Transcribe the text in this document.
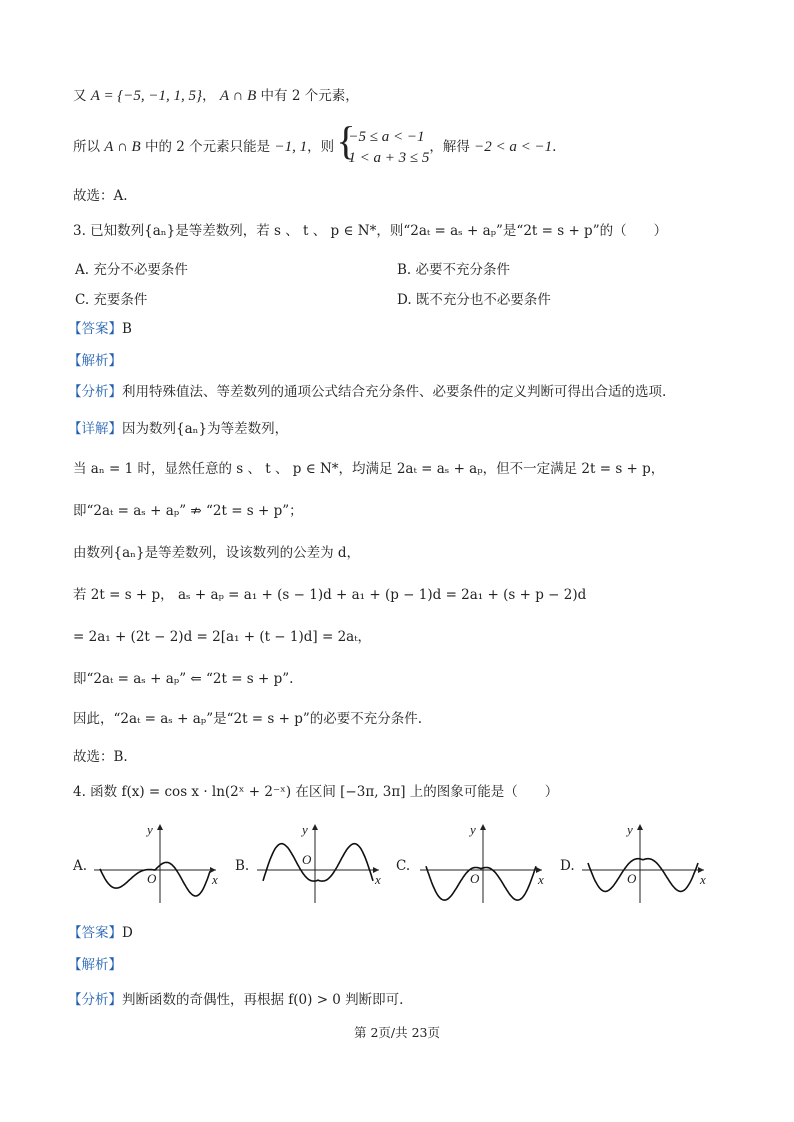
又 A = {−5, −1, 1, 5}， A ∩ B 中有 2 个元素，
所以 A ∩ B 中的 2 个元素只能是 −1, 1，则 {
−5 ≤ a < −1
1 < a + 3 ≤ 5
，解得 −2 < a < −1.
故选：A.
3. 已知数列{aₙ}是等差数列，若 s 、 t 、 p ∈ N*，则“2aₜ = aₛ + aₚ”是“2t = s + p”的（　　）
A. 充分不必要条件	B. 必要不充分条件
C. 充要条件	D. 既不充分也不必要条件
【答案】B
【解析】
【分析】利用特殊值法、等差数列的通项公式结合充分条件、必要条件的定义判断可得出合适的选项.
【详解】因为数列{aₙ}为等差数列，
当 aₙ = 1 时，显然任意的 s 、 t 、 p ∈ N*，均满足 2aₜ = aₛ + aₚ，但不一定满足 2t = s + p，
即“2aₜ = aₛ + aₚ” ⇏ “2t = s + p”；
由数列{aₙ}是等差数列，设该数列的公差为 d，
若 2t = s + p， aₛ + aₚ = a₁ + (s − 1)d + a₁ + (p − 1)d = 2a₁ + (s + p − 2)d
= 2a₁ + (2t − 2)d = 2[a₁ + (t − 1)d] = 2aₜ，
即“2aₜ = aₛ + aₚ” ⇐ “2t = s + p”.
因此，“2aₜ = aₛ + aₚ”是“2t = s + p”的必要不充分条件.
故选：B.
4. 函数 f(x) = cos x · ln(2ˣ + 2⁻ˣ) 在区间 [−3π, 3π] 上的图象可能是（　　）
A.
y
x
O
B.
y
x
O	C.
y
x
O
D.
y
x
O
【答案】D
【解析】
【分析】判断函数的奇偶性，再根据 f(0) > 0 判断即可.
第 2页/共 23页
